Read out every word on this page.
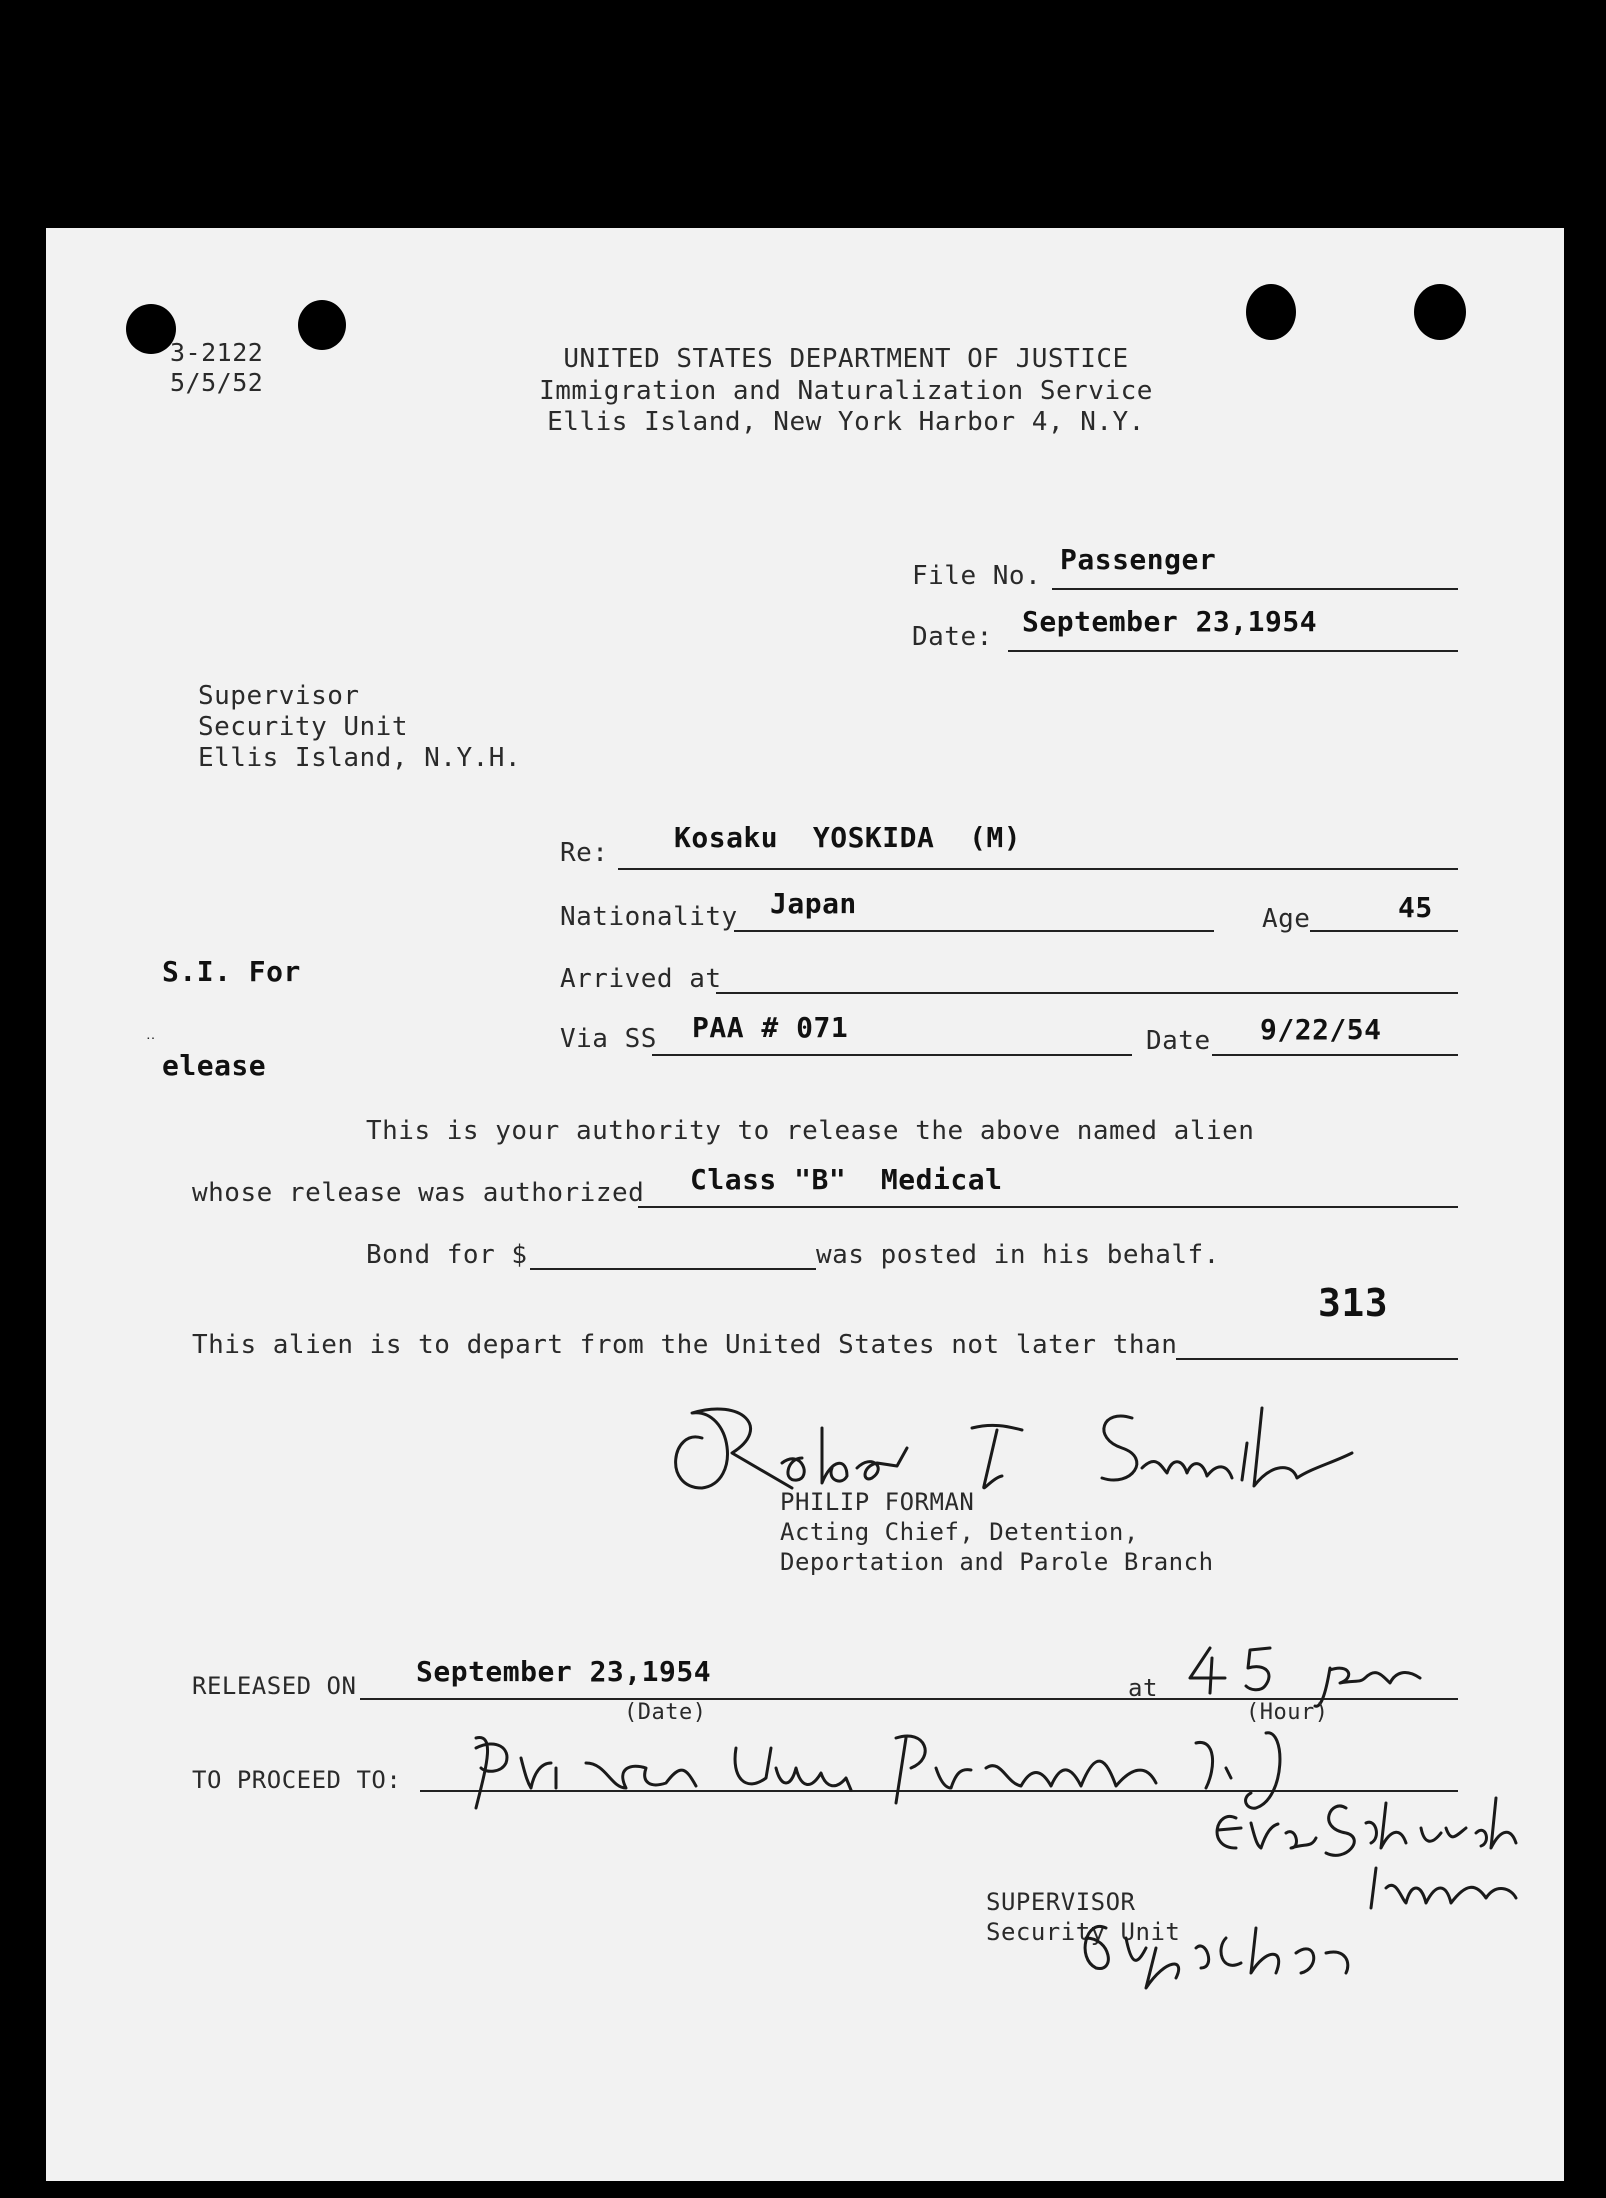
3-2122
5/5/52
UNITED STATES DEPARTMENT OF JUSTICE
Immigration and Naturalization Service
Ellis Island, New York Harbor 4, N.Y.
File No. Passenger
Date: September 23,1954
Supervisor
Security Unit
Ellis Island, N.Y.H.
Re: Kosaku  YOSKIDA  (M)
Nationality Japan	Age	45
Arrived at
S.I. For
‥
elease
Via SS PAA # 071	Date 9/22/54
This is your authority to release the above named alien
whose release was authorized Class "B"  Medical
Bond for $	was posted in his behalf.
313
This alien is to depart from the United States not later than
PHILIP FORMAN
Acting Chief, Detention,
Deportation and Parole Branch
RELEASED ON September 23,1954	at
(Date)	(Hour)
TO PROCEED TO:
SUPERVISOR
Security Unit
